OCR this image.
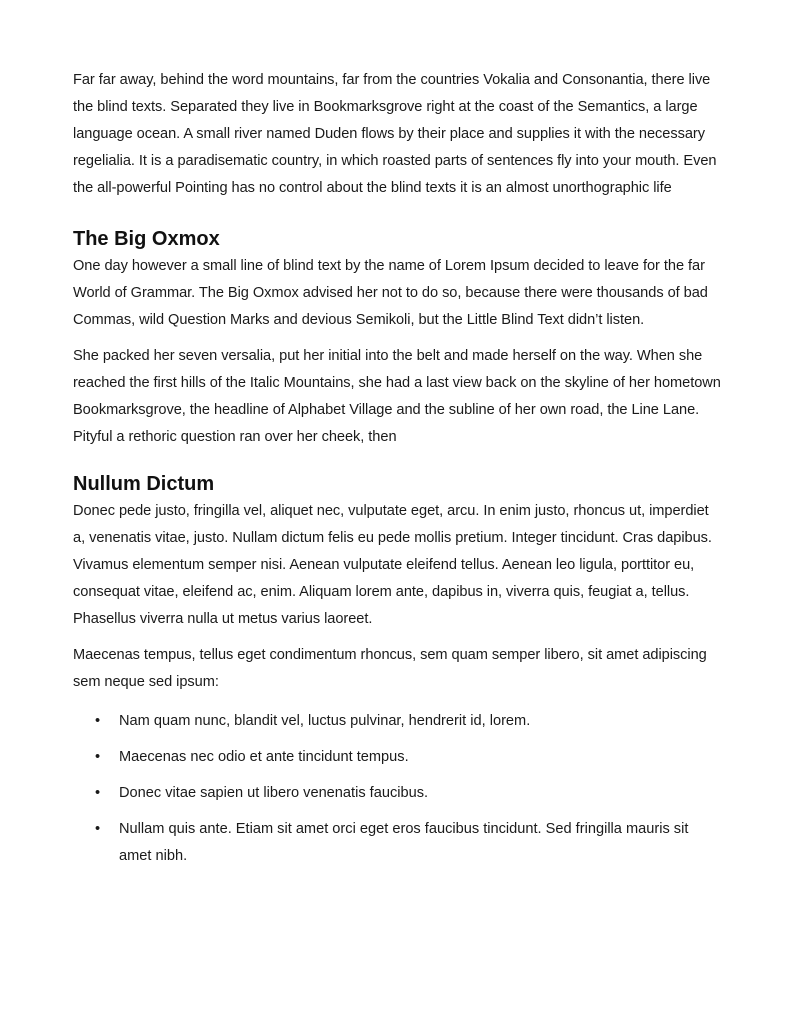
Far far away, behind the word mountains, far from the countries Vokalia and Consonantia, there live the blind texts. Separated they live in Bookmarksgrove right at the coast of the Semantics, a large language ocean. A small river named Duden flows by their place and supplies it with the necessary regelialia. It is a paradisematic country, in which roasted parts of sentences fly into your mouth. Even the all-powerful Pointing has no control about the blind texts it is an almost unorthographic life

The Big Oxmox

One day however a small line of blind text by the name of Lorem Ipsum decided to leave for the far World of Grammar. The Big Oxmox advised her not to do so, because there were thousands of bad Commas, wild Question Marks and devious Semikoli, but the Little Blind Text didn’t listen.

She packed her seven versalia, put her initial into the belt and made herself on the way. When she reached the first hills of the Italic Mountains, she had a last view back on the skyline of her hometown Bookmarksgrove, the headline of Alphabet Village and the subline of her own road, the Line Lane. Pityful a rethoric question ran over her cheek, then

Nullum Dictum

Donec pede justo, fringilla vel, aliquet nec, vulputate eget, arcu. In enim justo, rhoncus ut, imperdiet a, venenatis vitae, justo. Nullam dictum felis eu pede mollis pretium. Integer tincidunt. Cras dapibus. Vivamus elementum semper nisi. Aenean vulputate eleifend tellus. Aenean leo ligula, porttitor eu, consequat vitae, eleifend ac, enim. Aliquam lorem ante, dapibus in, viverra quis, feugiat a, tellus. Phasellus viverra nulla ut metus varius laoreet.

Maecenas tempus, tellus eget condimentum rhoncus, sem quam semper libero, sit amet adipiscing sem neque sed ipsum:

• Nam quam nunc, blandit vel, luctus pulvinar, hendrerit id, lorem.
• Maecenas nec odio et ante tincidunt tempus.
• Donec vitae sapien ut libero venenatis faucibus.
• Nullam quis ante. Etiam sit amet orci eget eros faucibus tincidunt. Sed fringilla mauris sit amet nibh.
